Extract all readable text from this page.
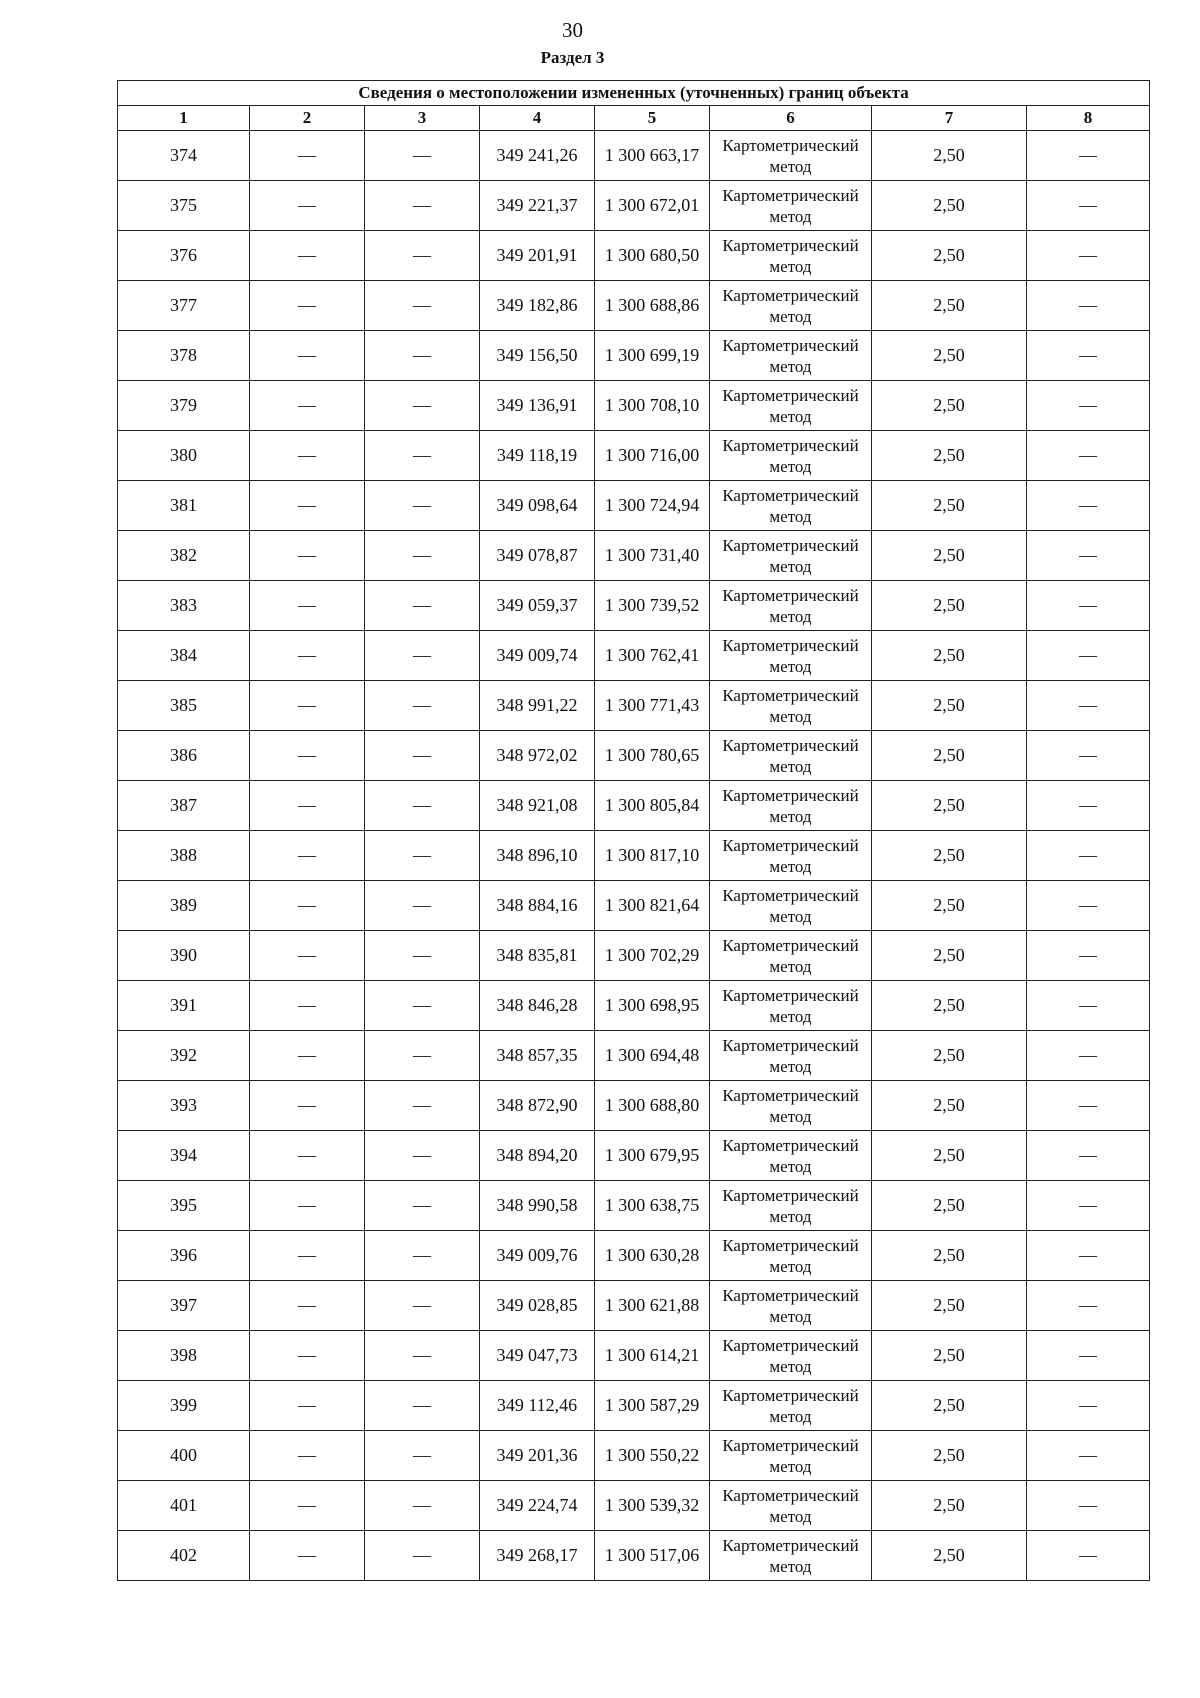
30
Раздел 3
Сведения о местоположении измененных (уточненных) границ объекта							
1	2	3	4	5	6	7	8
374	—	—	349 241,26	1 300 663,17	Картометрический метод	2,50	—
375	—	—	349 221,37	1 300 672,01	Картометрический метод	2,50	—
376	—	—	349 201,91	1 300 680,50	Картометрический метод	2,50	—
377	—	—	349 182,86	1 300 688,86	Картометрический метод	2,50	—
378	—	—	349 156,50	1 300 699,19	Картометрический метод	2,50	—
379	—	—	349 136,91	1 300 708,10	Картометрический метод	2,50	—
380	—	—	349 118,19	1 300 716,00	Картометрический метод	2,50	—
381	—	—	349 098,64	1 300 724,94	Картометрический метод	2,50	—
382	—	—	349 078,87	1 300 731,40	Картометрический метод	2,50	—
383	—	—	349 059,37	1 300 739,52	Картометрический метод	2,50	—
384	—	—	349 009,74	1 300 762,41	Картометрический метод	2,50	—
385	—	—	348 991,22	1 300 771,43	Картометрический метод	2,50	—
386	—	—	348 972,02	1 300 780,65	Картометрический метод	2,50	—
387	—	—	348 921,08	1 300 805,84	Картометрический метод	2,50	—
388	—	—	348 896,10	1 300 817,10	Картометрический метод	2,50	—
389	—	—	348 884,16	1 300 821,64	Картометрический метод	2,50	—
390	—	—	348 835,81	1 300 702,29	Картометрический метод	2,50	—
391	—	—	348 846,28	1 300 698,95	Картометрический метод	2,50	—
392	—	—	348 857,35	1 300 694,48	Картометрический метод	2,50	—
393	—	—	348 872,90	1 300 688,80	Картометрический метод	2,50	—
394	—	—	348 894,20	1 300 679,95	Картометрический метод	2,50	—
395	—	—	348 990,58	1 300 638,75	Картометрический метод	2,50	—
396	—	—	349 009,76	1 300 630,28	Картометрический метод	2,50	—
397	—	—	349 028,85	1 300 621,88	Картометрический метод	2,50	—
398	—	—	349 047,73	1 300 614,21	Картометрический метод	2,50	—
399	—	—	349 112,46	1 300 587,29	Картометрический метод	2,50	—
400	—	—	349 201,36	1 300 550,22	Картометрический метод	2,50	—
401	—	—	349 224,74	1 300 539,32	Картометрический метод	2,50	—
402	—	—	349 268,17	1 300 517,06	Картометрический метод	2,50	—
